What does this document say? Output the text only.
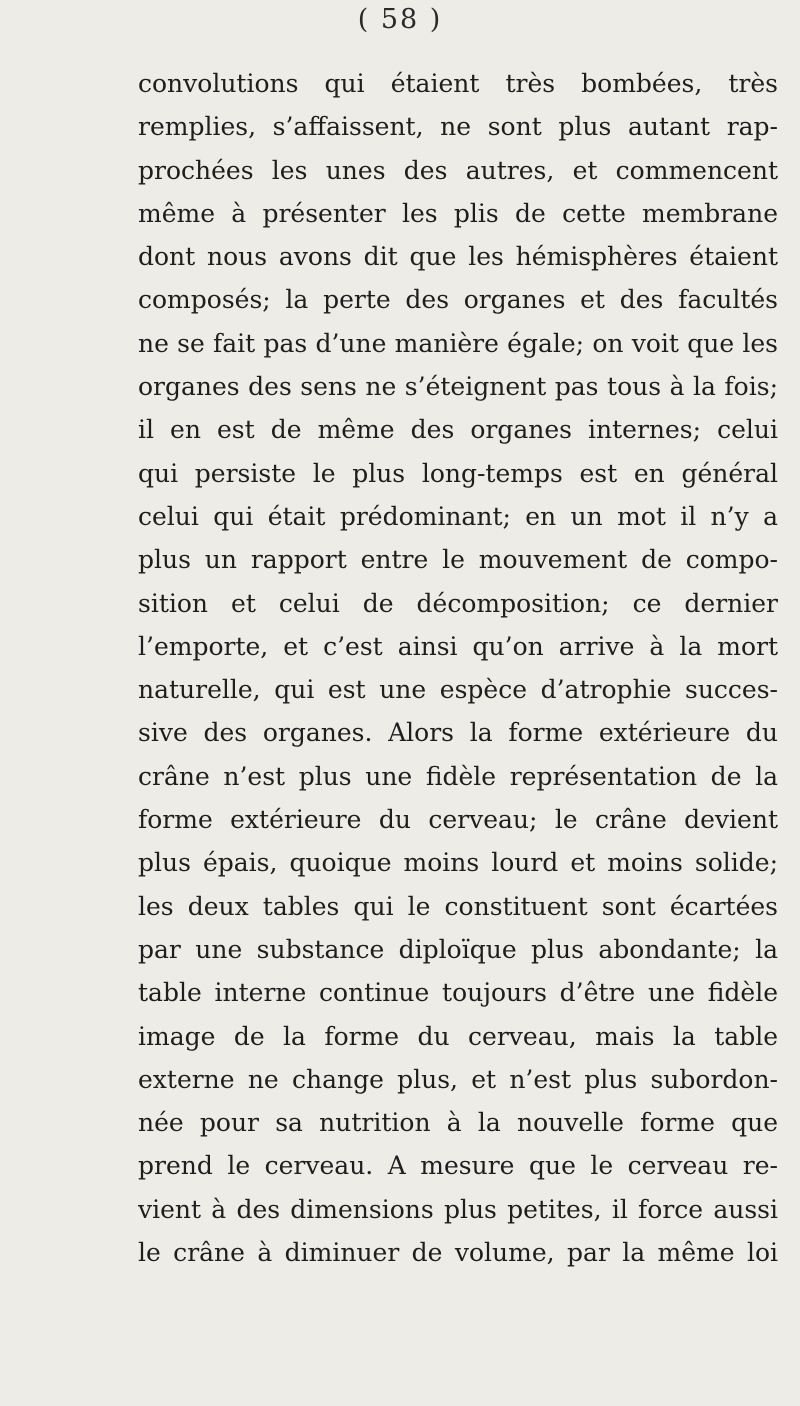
( 58 )
convolutions qui étaient très bombées, très
remplies, s’affaissent, ne sont plus autant rap-
prochées les unes des autres, et commencent
même à présenter les plis de cette membrane
dont nous avons dit que les hémisphères étaient
composés; la perte des organes et des facultés
ne se fait pas d’une manière égale; on voit que les
organes des sens ne s’éteignent pas tous à la fois;
il en est de même des organes internes; celui
qui persiste le plus long-temps est en général
celui qui était prédominant; en un mot il n’y a
plus un rapport entre le mouvement de compo-
sition et celui de décomposition; ce dernier
l’emporte, et c’est ainsi qu’on arrive à la mort
naturelle, qui est une espèce d’atrophie succes-
sive des organes. Alors la forme extérieure du
crâne n’est plus une fidèle représentation de la
forme extérieure du cerveau; le crâne devient
plus épais, quoique moins lourd et moins solide;
les deux tables qui le constituent sont écartées
par une substance diploïque plus abondante; la
table interne continue toujours d’être une fidèle
image de la forme du cerveau, mais la table
externe ne change plus, et n’est plus subordon-
née pour sa nutrition à la nouvelle forme que
prend le cerveau. A mesure que le cerveau re-
vient à des dimensions plus petites, il force aussi
le crâne à diminuer de volume, par la même loi
